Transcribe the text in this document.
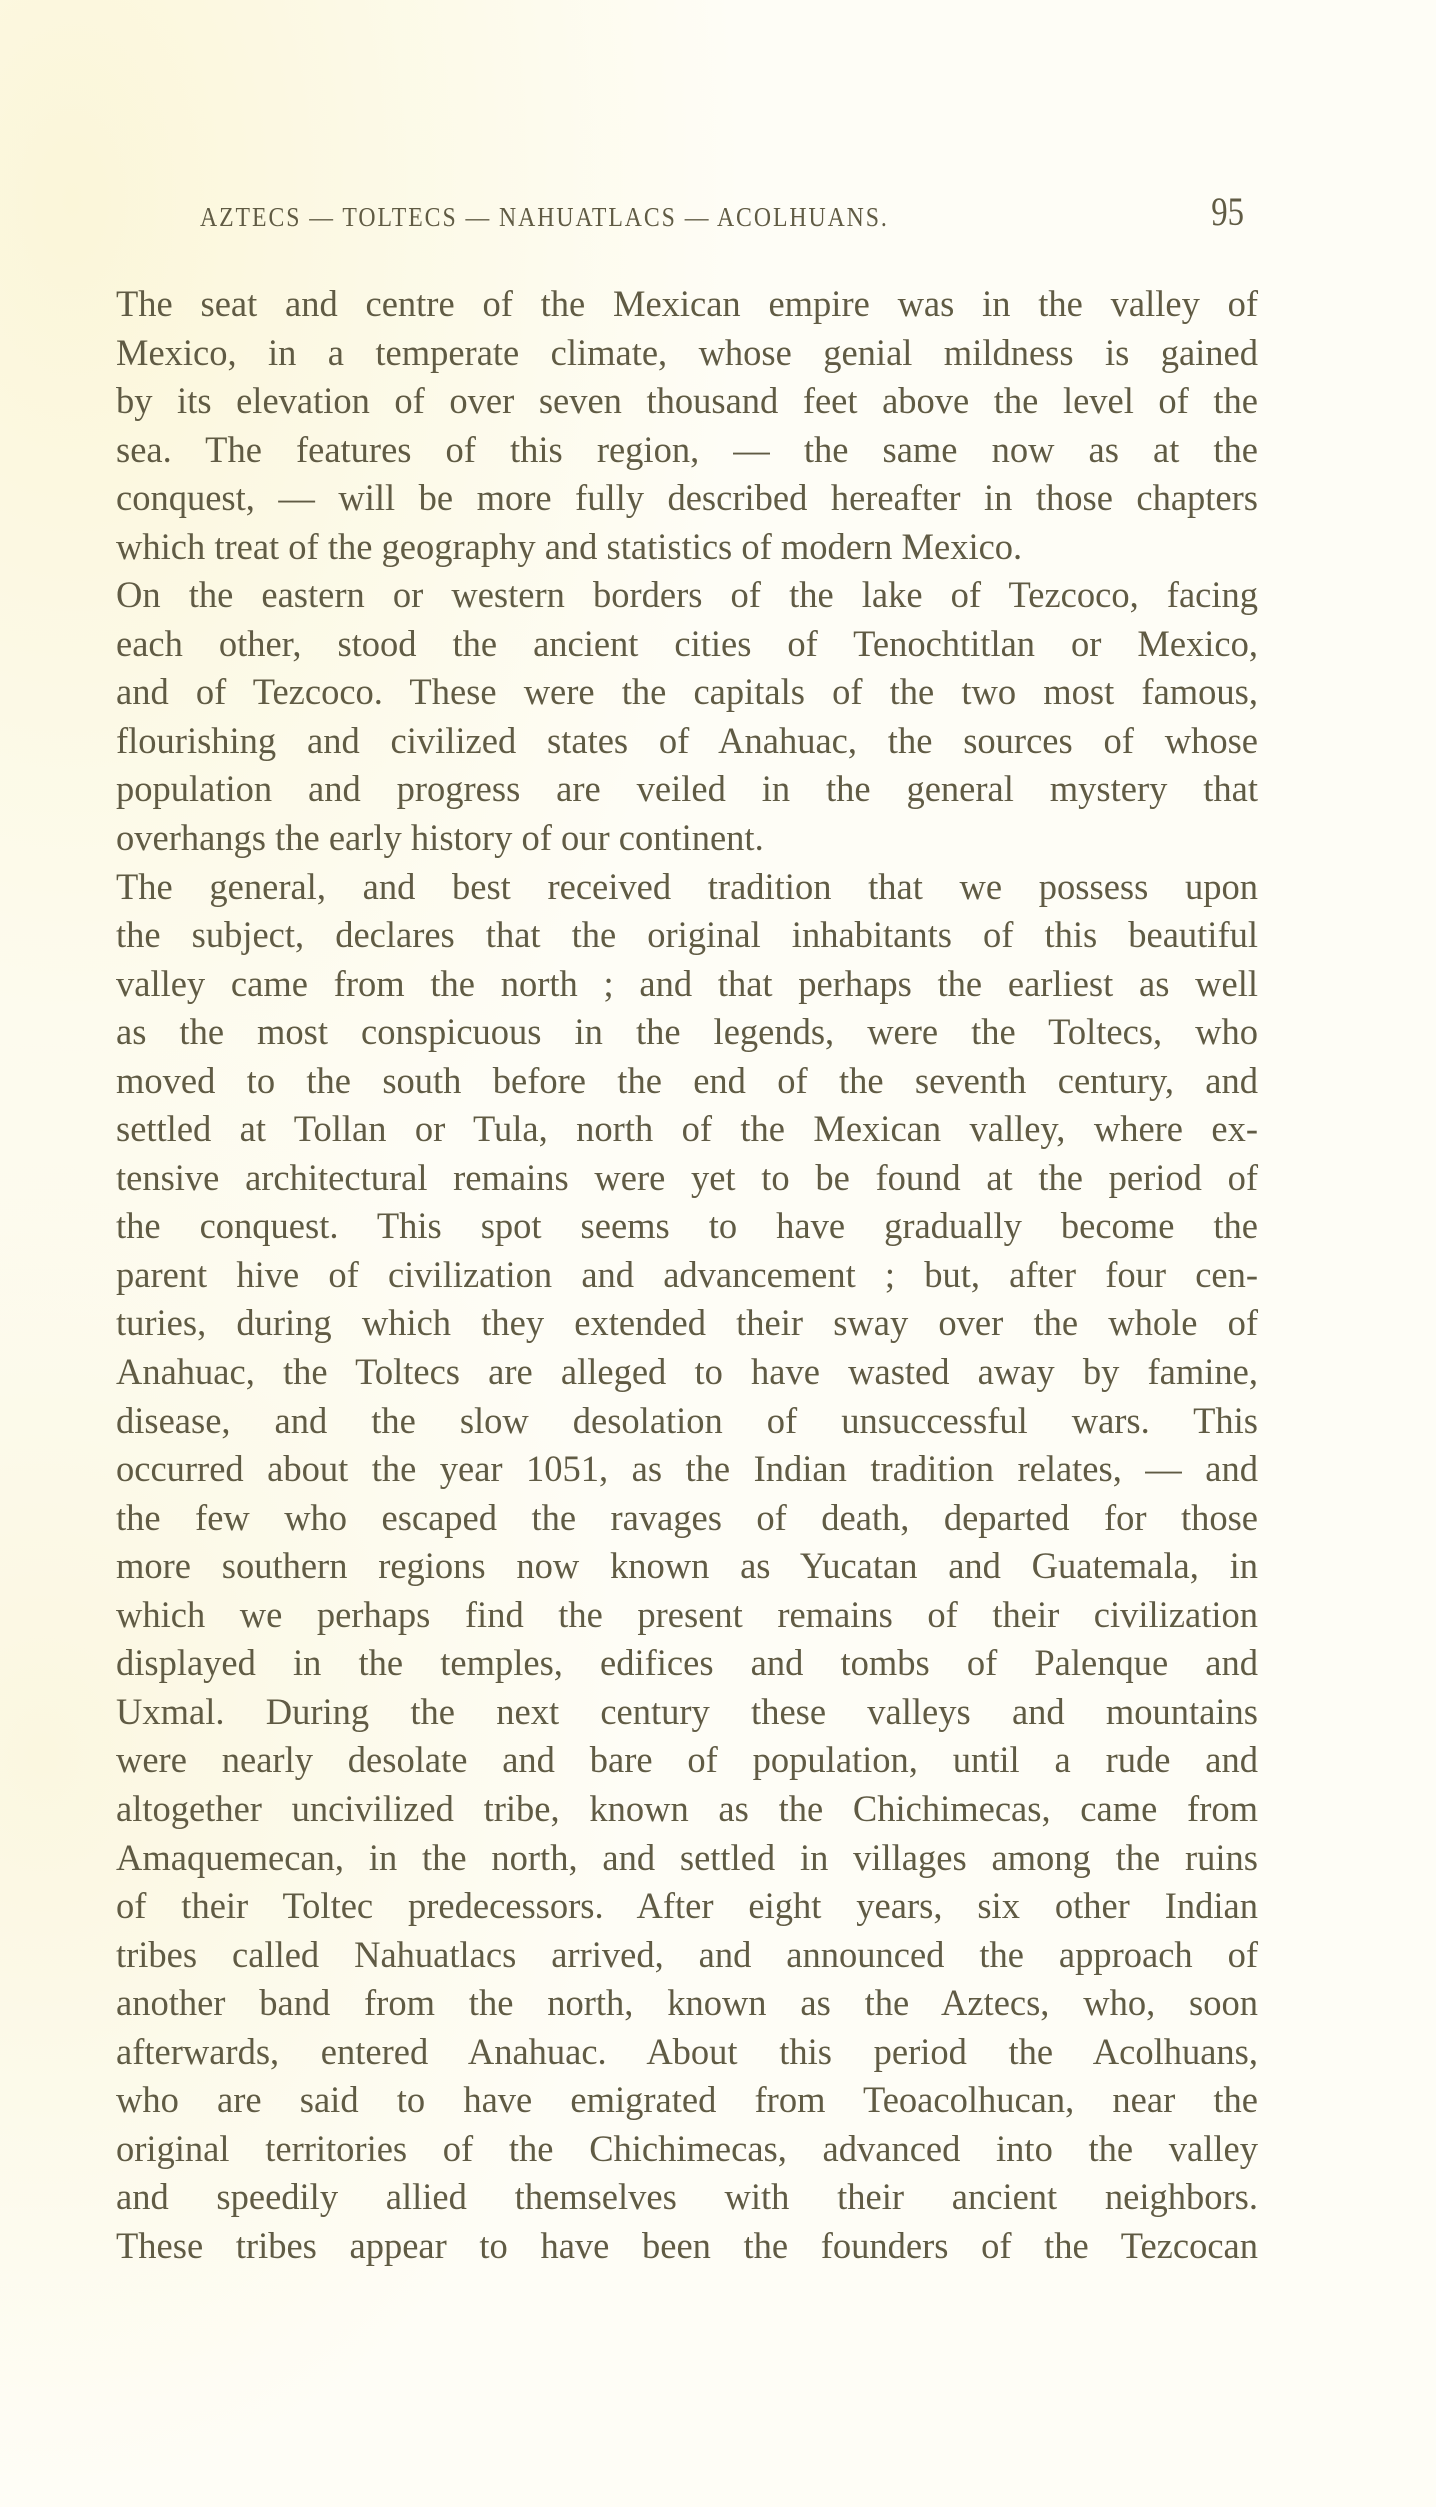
AZTECS — TOLTECS — NAHUATLACS — ACOLHUANS.	95
The seat and centre of the Mexican empire was in the valley of
Mexico, in a temperate climate, whose genial mildness is gained
by its elevation of over seven thousand feet above the level of the
sea. The features of this region, — the same now as at the
conquest, — will be more fully described hereafter in those chapters
which treat of the geography and statistics of modern Mexico.
On the eastern or western borders of the lake of Tezcoco, facing
each other, stood the ancient cities of Tenochtitlan or Mexico,
and of Tezcoco. These were the capitals of the two most famous,
flourishing and civilized states of Anahuac, the sources of whose
population and progress are veiled in the general mystery that
overhangs the early history of our continent.
The general, and best received tradition that we possess upon
the subject, declares that the original inhabitants of this beautiful
valley came from the north ; and that perhaps the earliest as well
as the most conspicuous in the legends, were the Toltecs, who
moved to the south before the end of the seventh century, and
settled at Tollan or Tula, north of the Mexican valley, where ex-
tensive architectural remains were yet to be found at the period of
the conquest. This spot seems to have gradually become the
parent hive of civilization and advancement ; but, after four cen-
turies, during which they extended their sway over the whole of
Anahuac, the Toltecs are alleged to have wasted away by famine,
disease, and the slow desolation of unsuccessful wars. This
occurred about the year 1051, as the Indian tradition relates, — and
the few who escaped the ravages of death, departed for those
more southern regions now known as Yucatan and Guatemala, in
which we perhaps find the present remains of their civilization
displayed in the temples, edifices and tombs of Palenque and
Uxmal. During the next century these valleys and mountains
were nearly desolate and bare of population, until a rude and
altogether uncivilized tribe, known as the Chichimecas, came from
Amaquemecan, in the north, and settled in villages among the ruins
of their Toltec predecessors. After eight years, six other Indian
tribes called Nahuatlacs arrived, and announced the approach of
another band from the north, known as the Aztecs, who, soon
afterwards, entered Anahuac. About this period the Acolhuans,
who are said to have emigrated from Teoacolhucan, near the
original territories of the Chichimecas, advanced into the valley
and speedily allied themselves with their ancient neighbors.
These tribes appear to have been the founders of the Tezcocan
